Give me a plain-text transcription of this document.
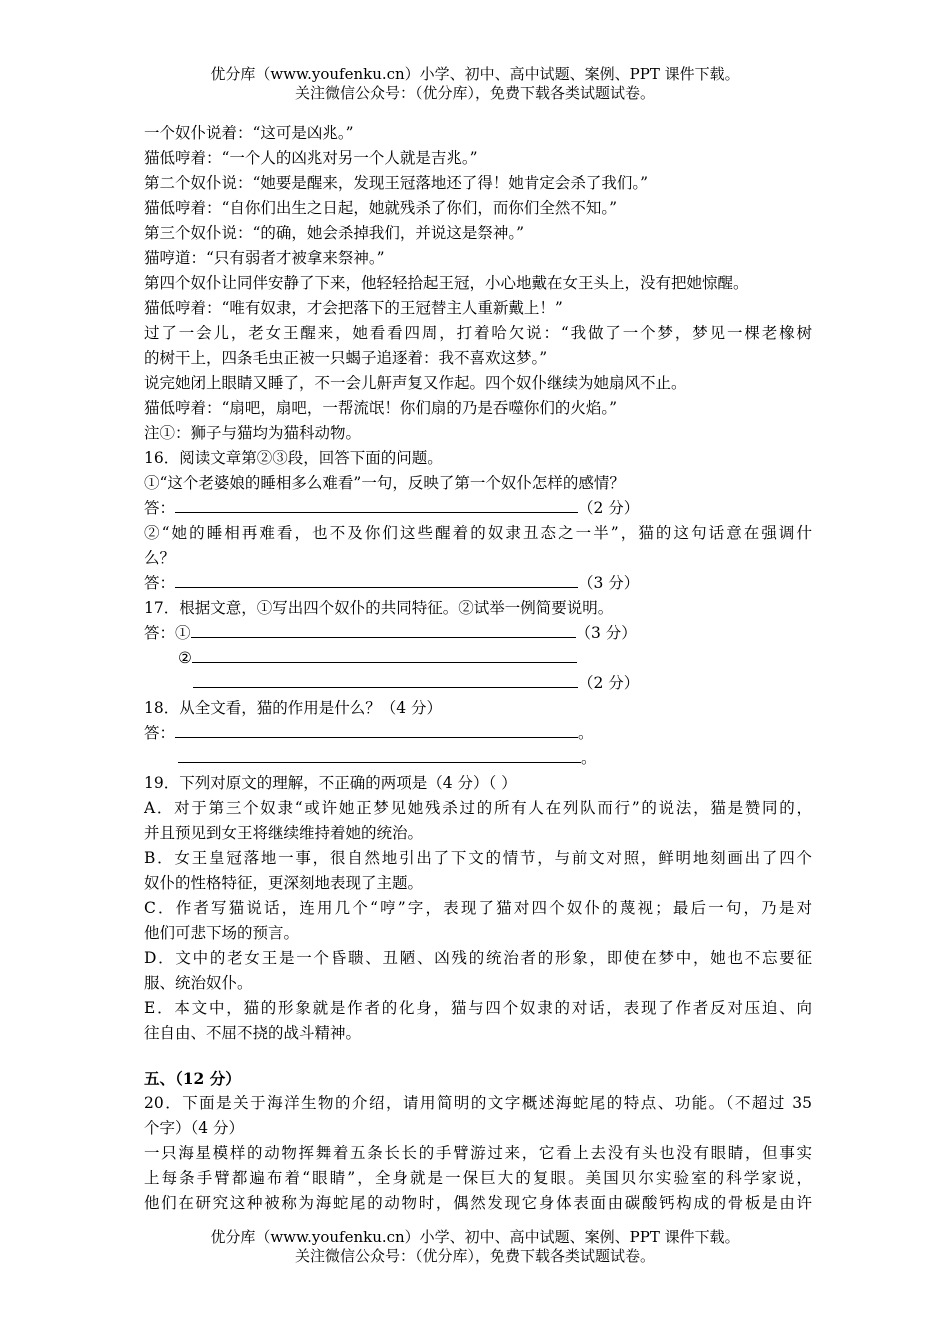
优分库（www.youfenku.cn）小学、初中、高中试题、案例、PPT 课件下载。
关注微信公众号：（优分库），免费下载各类试题试卷。
一个奴仆说着：“这可是凶兆。”
猫低哼着：“一个人的凶兆对另一个人就是吉兆。”
第二个奴仆说：“她要是醒来，发现王冠落地还了得！她肯定会杀了我们。”
猫低哼着：“自你们出生之日起，她就残杀了你们，而你们全然不知。”
第三个奴仆说：“的确，她会杀掉我们，并说这是祭神。”
猫哼道：“只有弱者才被拿来祭神。”
第四个奴仆让同伴安静了下来，他轻轻拾起王冠，小心地戴在女王头上，没有把她惊醒。
猫低哼着：“唯有奴隶，才会把落下的王冠替主人重新戴上！”
过了一会儿，老女王醒来，她看看四周，打着哈欠说：“我做了一个梦，梦见一棵老橡树
的树干上，四条毛虫正被一只蝎子追逐着：我不喜欢这梦。”
说完她闭上眼睛又睡了，不一会儿鼾声复又作起。四个奴仆继续为她扇风不止。
猫低哼着：“扇吧，扇吧，一帮流氓！你们扇的乃是吞噬你们的火焰。”
注①：狮子与猫均为猫科动物。
16．阅读文章第②③段，回答下面的问题。
①“这个老婆娘的睡相多么难看”一句，反映了第一个奴仆怎样的感情？
答：	（2 分）
②“她的睡相再难看，也不及你们这些醒着的奴隶丑态之一半”，猫的这句话意在强调什
么？
答：	（3 分）
17．根据文意，①写出四个奴仆的共同特征。②试举一例简要说明。
答：①	（3 分）
②
（2 分）
18．从全文看，猫的作用是什么？（4 分）
答：	。
。
19．下列对原文的理解，不正确的两项是（4 分）（ ）
A．对于第三个奴隶“或许她正梦见她残杀过的所有人在列队而行”的说法，猫是赞同的，
并且预见到女王将继续维持着她的统治。
B．女王皇冠落地一事，很自然地引出了下文的情节，与前文对照，鲜明地刻画出了四个
奴仆的性格特征，更深刻地表现了主题。
C．作者写猫说话，连用几个“哼”字，表现了猫对四个奴仆的蔑视；最后一句，乃是对
他们可悲下场的预言。
D．文中的老女王是一个昏聩、丑陋、凶残的统治者的形象，即使在梦中，她也不忘要征
服、统治奴仆。
E．本文中，猫的形象就是作者的化身，猫与四个奴隶的对话，表现了作者反对压迫、向
往自由、不屈不挠的战斗精神。
五、（12 分）
20．下面是关于海洋生物的介绍，请用简明的文字概述海蛇尾的特点、功能。（不超过 35
个字）（4 分）
一只海星模样的动物挥舞着五条长长的手臂游过来，它看上去没有头也没有眼睛，但事实
上每条手臂都遍布着“眼睛”，全身就是一保巨大的复眼。美国贝尔实验室的科学家说，
他们在研究这种被称为海蛇尾的动物时，偶然发现它身体表面由碳酸钙构成的骨板是由许
优分库（www.youfenku.cn）小学、初中、高中试题、案例、PPT 课件下载。
关注微信公众号：（优分库），免费下载各类试题试卷。
